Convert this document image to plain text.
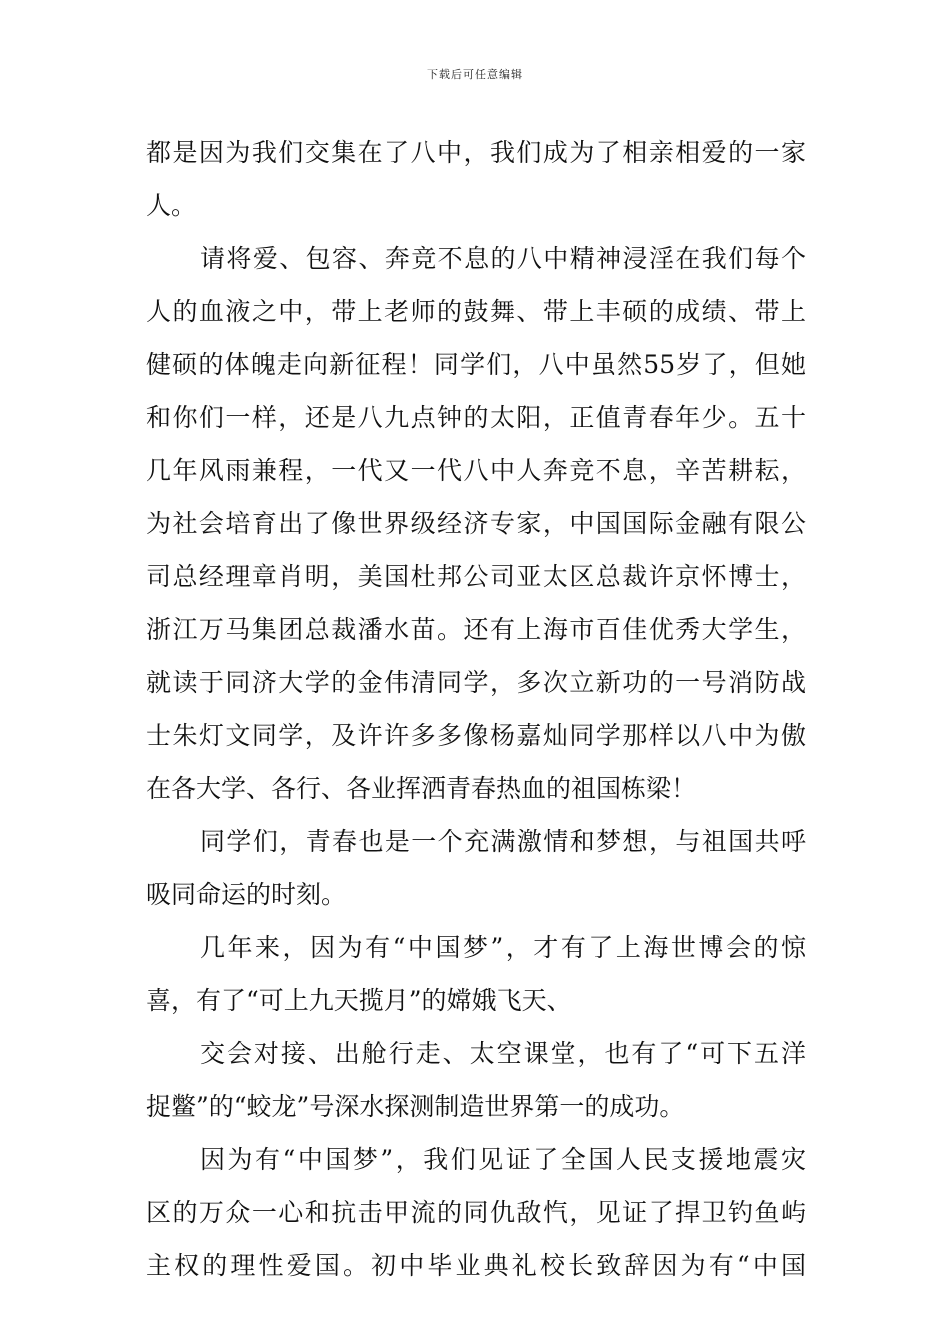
下载后可任意编辑
都是因为我们交集在了八中，我们成为了相亲相爱的一家
人。
请将爱、包容、奔竞不息的八中精神浸淫在我们每个
人的血液之中，带上老师的鼓舞、带上丰硕的成绩、带上
健硕的体魄走向新征程！同学们，八中虽然55岁了，但她
和你们一样，还是八九点钟的太阳，正值青春年少。五十
几年风雨兼程，一代又一代八中人奔竞不息，辛苦耕耘，
为社会培育出了像世界级经济专家，中国国际金融有限公
司总经理章肖明，美国杜邦公司亚太区总裁许京怀博士，
浙江万马集团总裁潘水苗。还有上海市百佳优秀大学生，
就读于同济大学的金伟清同学，多次立新功的一号消防战
士朱灯文同学，及许许多多像杨嘉灿同学那样以八中为傲
在各大学、各行、各业挥洒青春热血的祖国栋梁！
同学们，青春也是一个充满激情和梦想，与祖国共呼
吸同命运的时刻。
几年来，因为有“中国梦”，才有了上海世博会的惊
喜，有了“可上九天揽月”的嫦娥飞天、
交会对接、出舱行走、太空课堂，也有了“可下五洋
捉鳖”的“蛟龙”号深水探测制造世界第一的成功。
因为有“中国梦”，我们见证了全国人民支援地震灾
区的万众一心和抗击甲流的同仇敌忾，见证了捍卫钓鱼屿
主权的理性爱国。初中毕业典礼校长致辞因为有“中国
